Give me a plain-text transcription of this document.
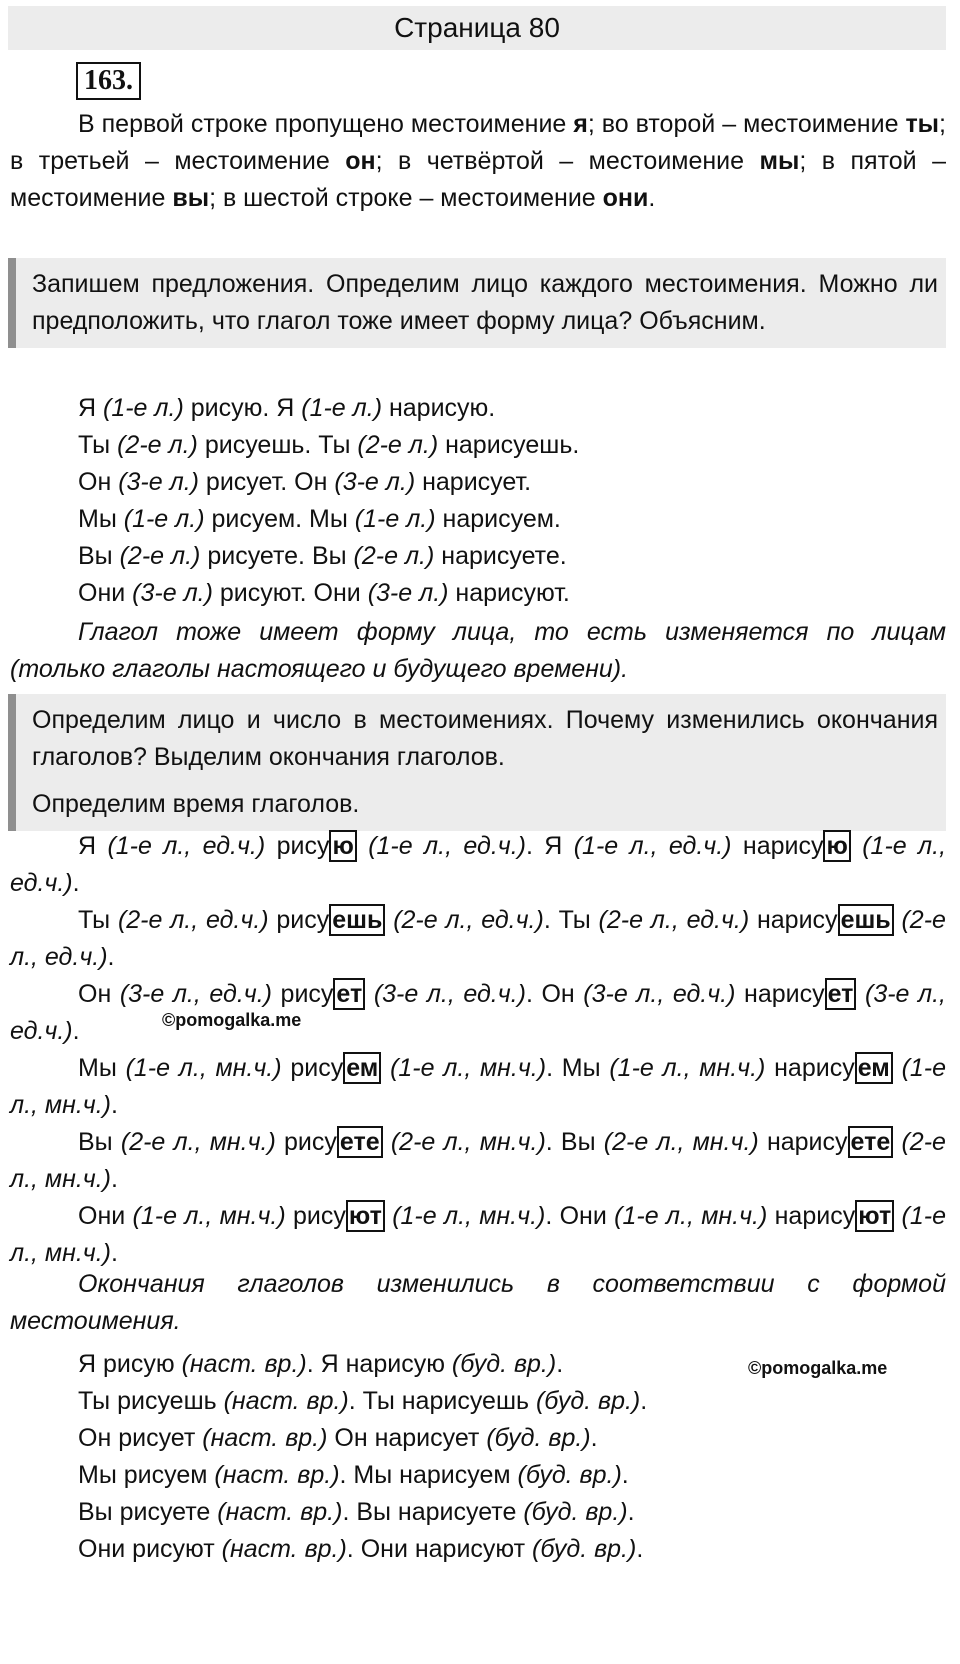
Страница 80
163.
В первой строке пропущено местоимение я; во второй – местоимение ты; в третьей – местоимение он; в четвёртой – местоимение мы; в пятой – местоимение вы; в шестой строке – местоимение они.

Запишем предложения. Определим лицо каждого местоимения. Можно ли предположить, что глагол тоже имеет форму лица? Объясним.

Я (1-е л.) рисую. Я (1-е л.) нарисую.
Ты (2-е л.) рисуешь. Ты (2-е л.) нарисуешь.
Он (3-е л.) рисует. Он (3-е л.) нарисует.
Мы (1-е л.) рисуем. Мы (1-е л.) нарисуем.
Вы (2-е л.) рисуете. Вы (2-е л.) нарисуете.
Они (3-е л.) рисуют. Они (3-е л.) нарисуют.
Глагол тоже имеет форму лица, то есть изменяется по лицам (только глаголы настоящего и будущего времени).

Определим лицо и число в местоимениях. Почему изменились окончания глаголов? Выделим окончания глаголов.

Определим время глаголов.

Я (1-е л., ед.ч.) рису ю (1-е л., ед.ч.). Я (1-е л., ед.ч.) нарису ю (1-е л., ед.ч.).
Ты (2-е л., ед.ч.) рису ешь (2-е л., ед.ч.). Ты (2-е л., ед.ч.) нарису ешь (2-е л., ед.ч.).
Он (3-е л., ед.ч.) рису ет (3-е л., ед.ч.). Он (3-е л., ед.ч.) нарису ет (3-е л., ед.ч.).
Мы (1-е л., мн.ч.) рису ем (1-е л., мн.ч.). Мы (1-е л., мн.ч.) нарису ем (1-е л., мн.ч.).
Вы (2-е л., мн.ч.) рису ете (2-е л., мн.ч.). Вы (2-е л., мн.ч.) нарису ете (2-е л., мн.ч.).
Они (1-е л., мн.ч.) рису ют (1-е л., мн.ч.). Они (1-е л., мн.ч.) нарису ют (1-е л., мн.ч.).
Окончания глаголов изменились в соответствии с формой местоимения.
Я рисую (наст. вр.). Я нарисую (буд. вр.).
Ты рисуешь (наст. вр.). Ты нарисуешь (буд. вр.).
Он рисует (наст. вр.) Он нарисует (буд. вр.).
Мы рисуем (наст. вр.). Мы нарисуем (буд. вр.).
Вы рисуете (наст. вр.). Вы нарисуете (буд. вр.).
Они рисуют (наст. вр.). Они нарисуют (буд. вр.).
©pomogalka.me
©pomogalka.me
